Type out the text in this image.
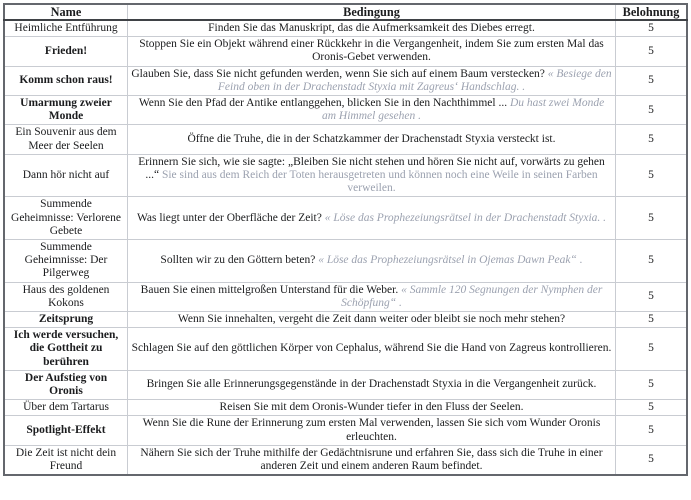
Name	Bedingung	Belohnung
Heimliche Entführung	Finden Sie das Manuskript, das die Aufmerksamkeit des Diebes erregt.	5
Frieden!	Stoppen Sie ein Objekt während einer Rückkehr in die Vergangenheit, indem Sie zum ersten Mal das Oronis-Gebet verwenden.	5
Komm schon raus!	Glauben Sie, dass Sie nicht gefunden werden, wenn Sie sich auf einem Baum verstecken? « Besiege den Feind oben in der Drachenstadt Styxia mit Zagreus‘ Handschlag. .	5
Umarmung zweier Monde	Wenn Sie den Pfad der Antike entlanggehen, blicken Sie in den Nachthimmel ... Du hast zwei Monde am Himmel gesehen .	5
Ein Souvenir aus dem Meer der Seelen	Öffne die Truhe, die in der Schatzkammer der Drachenstadt Styxia versteckt ist.	5
Dann hör nicht auf	Erinnern Sie sich, wie sie sagte: „Bleiben Sie nicht stehen und hören Sie nicht auf, vorwärts zu gehen ...“ Sie sind aus dem Reich der Toten herausgetreten und können noch eine Weile in seinen Farben verweilen.	5
Summende Geheimnisse: Verlorene Gebete	Was liegt unter der Oberfläche der Zeit? « Löse das Prophezeiungsrätsel in der Drachenstadt Styxia. .	5
Summende Geheimnisse: Der Pilgerweg	Sollten wir zu den Göttern beten? « Löse das Prophezeiungsrätsel in Ojemas Dawn Peak“ .	5
Haus des goldenen Kokons	Bauen Sie einen mittelgroßen Unterstand für die Weber. « Sammle 120 Segnungen der Nymphen der Schöpfung“ .	5
Zeitsprung	Wenn Sie innehalten, vergeht die Zeit dann weiter oder bleibt sie noch mehr stehen?	5
Ich werde versuchen, die Gottheit zu berühren	Schlagen Sie auf den göttlichen Körper von Cephalus, während Sie die Hand von Zagreus kontrollieren.	5
Der Aufstieg von Oronis	Bringen Sie alle Erinnerungsgegenstände in der Drachenstadt Styxia in die Vergangenheit zurück.	5
Über dem Tartarus	Reisen Sie mit dem Oronis-Wunder tiefer in den Fluss der Seelen.	5
Spotlight-Effekt	Wenn Sie die Rune der Erinnerung zum ersten Mal verwenden, lassen Sie sich vom Wunder Oronis erleuchten.	5
Die Zeit ist nicht dein Freund	Nähern Sie sich der Truhe mithilfe der Gedächtnisrune und erfahren Sie, dass sich die Truhe in einer anderen Zeit und einem anderen Raum befindet.	5
